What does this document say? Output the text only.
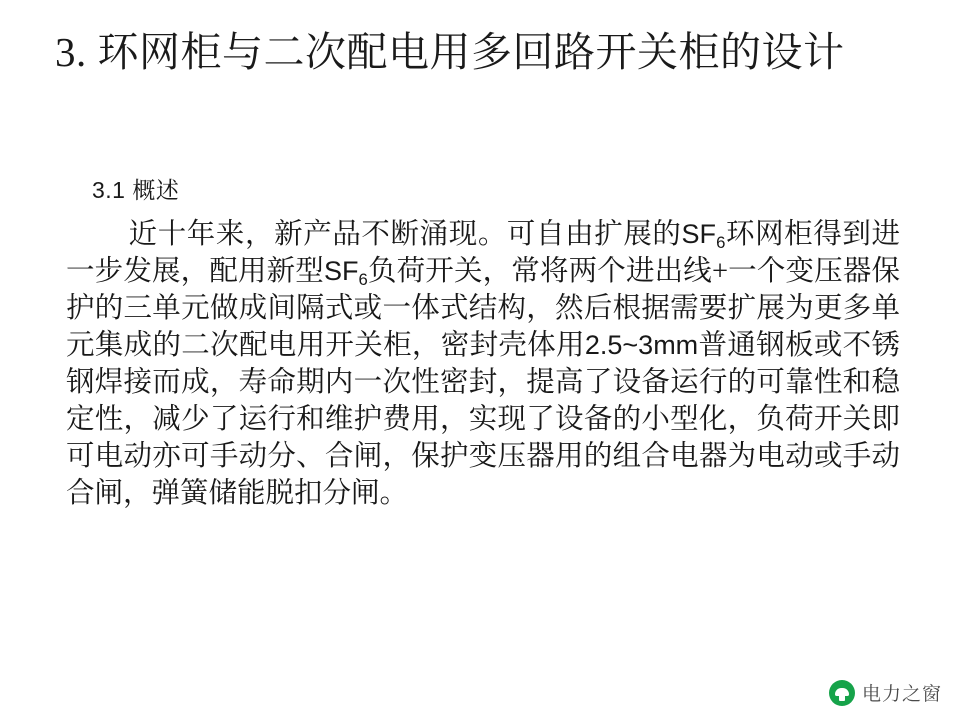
3. 环网柜与二次配电用多回路开关柜的设计
3.1 概述
近十年来，新产品不断涌现。可自由扩展的$SF_6$环网柜得到进一步发展，配用新型$SF_6$负荷开关，常将两个进出线+一个变压器保护的三单元做成间隔式或一体式结构，然后根据需要扩展为更多单元集成的二次配电用开关柜，密封壳体用2.5~3mm普通钢板或不锈钢焊接而成，寿命期内一次性密封，提高了设备运行的可靠性和稳定性，减少了运行和维护费用，实现了设备的小型化，负荷开关即可电动亦可手动分、合闸，保护变压器用的组合电器为电动或手动合闸，弹簧储能脱扣分闸。
电力之窗
